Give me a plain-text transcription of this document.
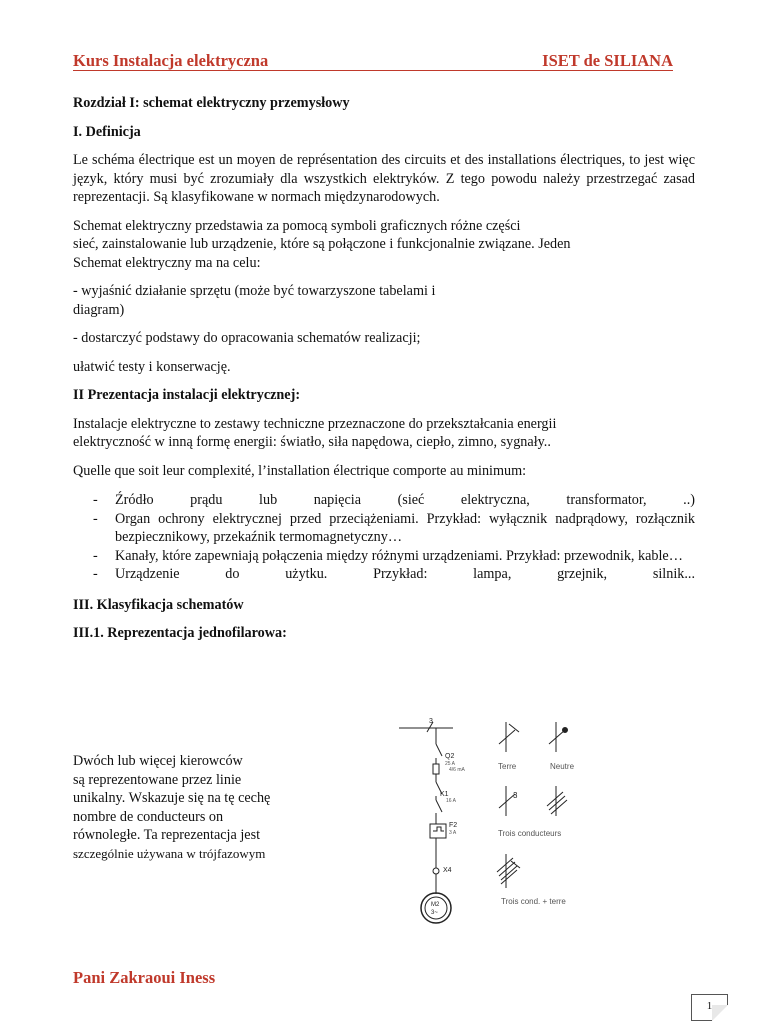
Kurs Instalacja elektryczna	ISET de SILIANA

Rozdział I: schemat elektryczny przemysłowy

I. Definicja

Le schéma électrique est un moyen de représentation des circuits et des installations électriques, to jest więc język, który musi być zrozumiały dla wszystkich elektryków. Z tego powodu należy przestrzegać zasad reprezentacji. Są klasyfikowane w normach międzynarodowych.

Schemat elektryczny przedstawia za pomocą symboli graficznych różne części
sieć, zainstalowanie lub urządzenie, które są połączone i funkcjonalnie związane. Jeden
Schemat elektryczny ma na celu:

- wyjaśnić działanie sprzętu (może być towarzyszone tabelami i
diagram)

- dostarczyć podstawy do opracowania schematów realizacji;

ułatwić testy i konserwację.

II Prezentacja instalacji elektrycznej:

Instalacje elektryczne to zestawy techniczne przeznaczone do przekształcania energii
elektryczność w inną formę energii: światło, siła napędowa, ciepło, zimno, sygnały..

Quelle que soit leur complexité, l’installation électrique comporte au minimum:

- Źródło prądu lub napięcia (sieć elektryczna, transformator, ..)
- Organ ochrony elektrycznej przed przeciążeniami. Przykład: wyłącznik nadprądowy, rozłącznik bezpiecznikowy, przekaźnik termomagnetyczny…
- Kanały, które zapewniają połączenia między różnymi urządzeniami. Przykład: przewodnik, kable…
- Urządzenie do użytku. Przykład: lampa, grzejnik, silnik...

III. Klasyfikacja schematów

III.1. Reprezentacja jednofilarowa:

Dwóch lub więcej kierowców
są reprezentowane przez linie
unikalny. Wskazuje się na tę cechę
nombre de conducteurs on
równoległe. Ta reprezentacja jest
szczególnie używana w trójfazowym
3
Q2
25 A
4/6 mA
K1
16 A
F2
3 A
X4
M2
3~
Terre	Neutre
3
Trois conducteurs
Trois cond. + terre
Pani Zakraoui Iness
1
